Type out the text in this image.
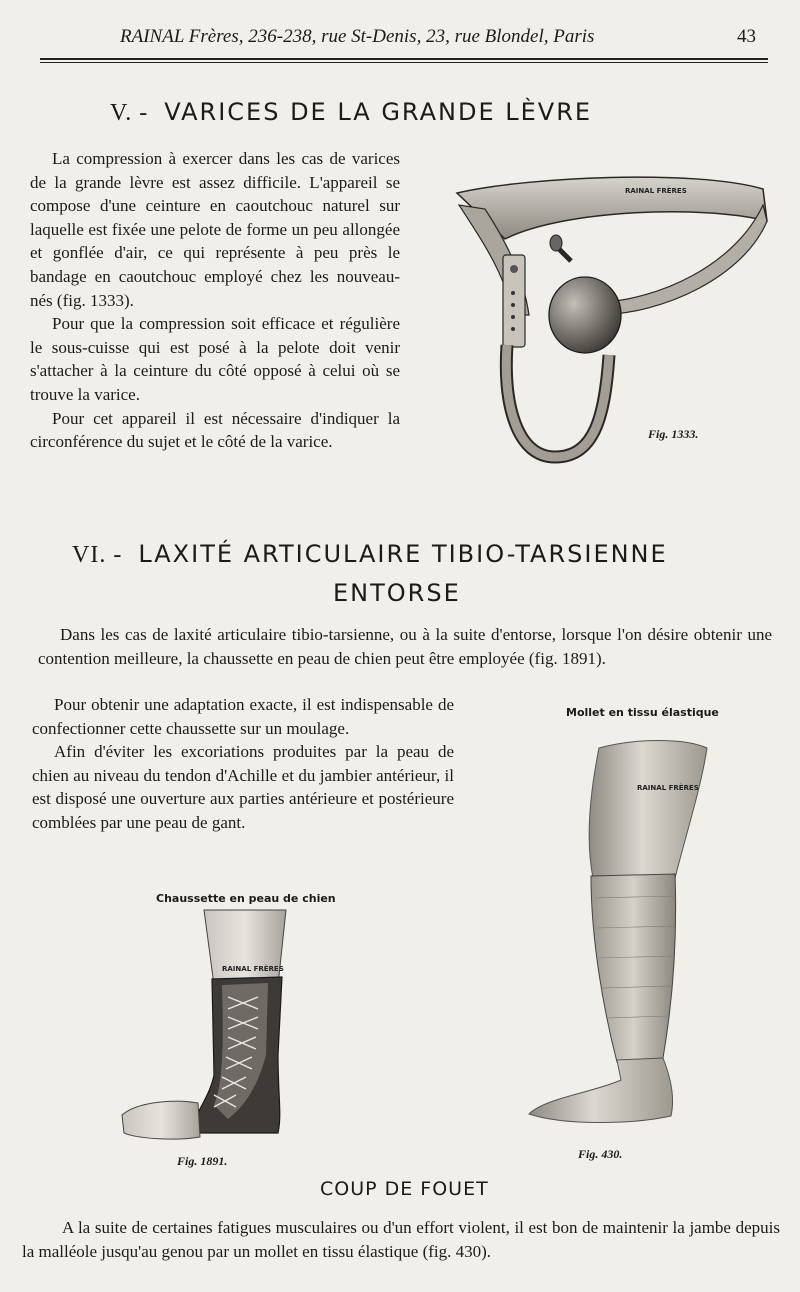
RAINAL Frères, 236-238, rue St-Denis, 23, rue Blondel, Paris	43
V. - VARICES DE LA GRANDE LÈVRE

La compression à exercer dans les cas de varices de la grande lèvre est assez difficile. L'appareil se compose d'une ceinture en caoutchouc naturel sur laquelle est fixée une pelote de forme un peu allongée et gonflée d'air, ce qui représente à peu près le bandage en caoutchouc employé chez les nouveau-nés (fig. 1333).

Pour que la compression soit efficace et régulière le sous-cuisse qui est posé à la pelote doit venir s'attacher à la ceinture du côté opposé à celui où se trouve la varice.

Pour cet appareil il est nécessaire d'indiquer la circonférence du sujet et le côté de la varice.

RAINAL FRÈRES
Fig. 1333.
VI. - LAXITÉ ARTICULAIRE TIBIO-TARSIENNE
ENTORSE

Dans les cas de laxité articulaire tibio-tarsienne, ou à la suite d'entorse, lorsque l'on désire obtenir une contention meilleure, la chaussette en peau de chien peut être employée (fig. 1891).

Pour obtenir une adaptation exacte, il est indispensable de confectionner cette chaussette sur un moulage.

Afin d'éviter les excoriations produites par la peau de chien au niveau du tendon d'Achille et du jambier antérieur, il est disposé une ouverture aux parties antérieure et postérieure comblées par une peau de gant.

Mollet en tissu élastique
Chaussette en peau de chien
RAINAL FRÈRES
Fig. 1891.
RAINAL FRÈRES
Fig. 430.
COUP DE FOUET

A la suite de certaines fatigues musculaires ou d'un effort violent, il est bon de maintenir la jambe depuis la malléole jusqu'au genou par un mollet en tissu élastique (fig. 430).
